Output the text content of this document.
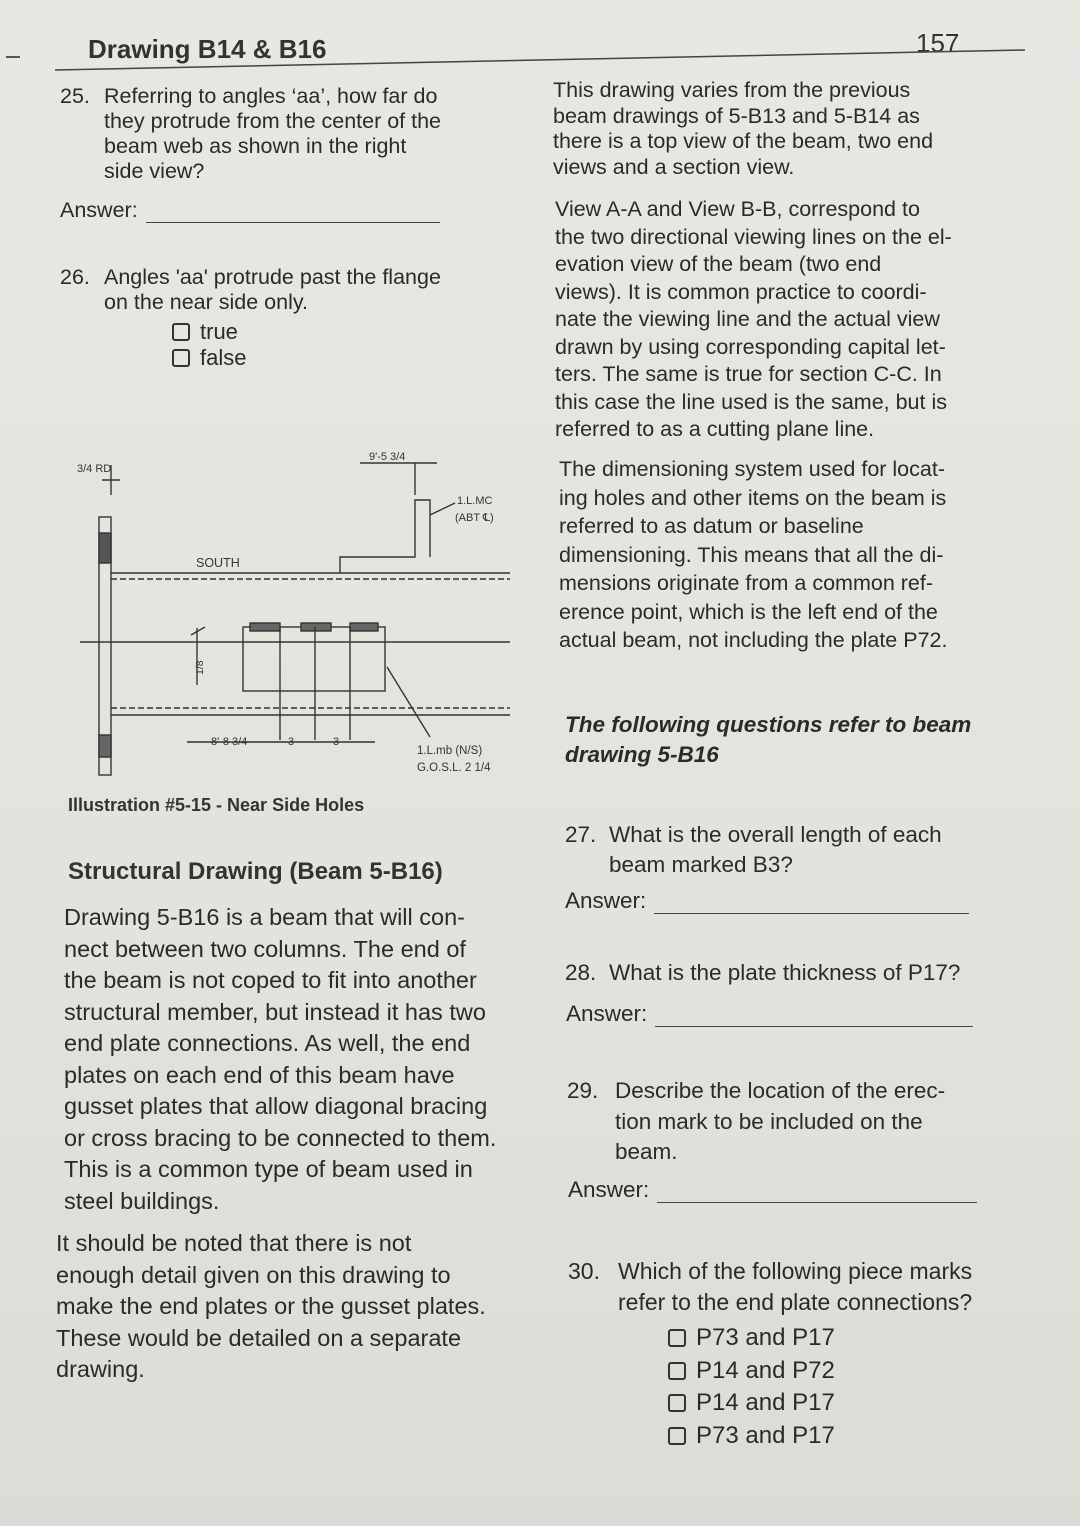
Drawing B14 & B16	157
25. Referring to angles ‘aa’, how far do
they protrude from the center of the
beam web as shown in the right
side view?
Answer:
26. Angles 'aa' protrude past the flange
on the near side only.
true
false
3/4 RD
9'-5 3/4
1.L.MC
(ABT ℄)
SOUTH
1/8
8'-8 3/4	3	3
1.L.mb (N/S)
G.O.S.L. 2 1/4
Illustration #5-15 - Near Side Holes
Structural Drawing (Beam 5-B16)
Drawing 5-B16 is a beam that will con-
nect between two columns. The end of
the beam is not coped to fit into another
structural member, but instead it has two
end plate connections. As well, the end
plates on each end of this beam have
gusset plates that allow diagonal bracing
or cross bracing to be connected to them.
This is a common type of beam used in
steel buildings.
It should be noted that there is not
enough detail given on this drawing to
make the end plates or the gusset plates.
These would be detailed on a separate
drawing.
This drawing varies from the previous
beam drawings of 5-B13 and 5-B14 as
there is a top view of the beam, two end
views and a section view.
View A-A and View B-B, correspond to
the two directional viewing lines on the el-
evation view of the beam (two end
views). It is common practice to coordi-
nate the viewing line and the actual view
drawn by using corresponding capital let-
ters. The same is true for section C-C. In
this case the line used is the same, but is
referred to as a cutting plane line.
The dimensioning system used for locat-
ing holes and other items on the beam is
referred to as datum or baseline
dimensioning. This means that all the di-
mensions originate from a common ref-
erence point, which is the left end of the
actual beam, not including the plate P72.
The following questions refer to beam
drawing 5-B16
27. What is the overall length of each
beam marked B3?
Answer:
28. What is the plate thickness of P17?
Answer:
29. Describe the location of the erec-
tion mark to be included on the
beam.
Answer:
30. Which of the following piece marks
refer to the end plate connections?
P73 and P17
P14 and P72
P14 and P17
P73 and P17
